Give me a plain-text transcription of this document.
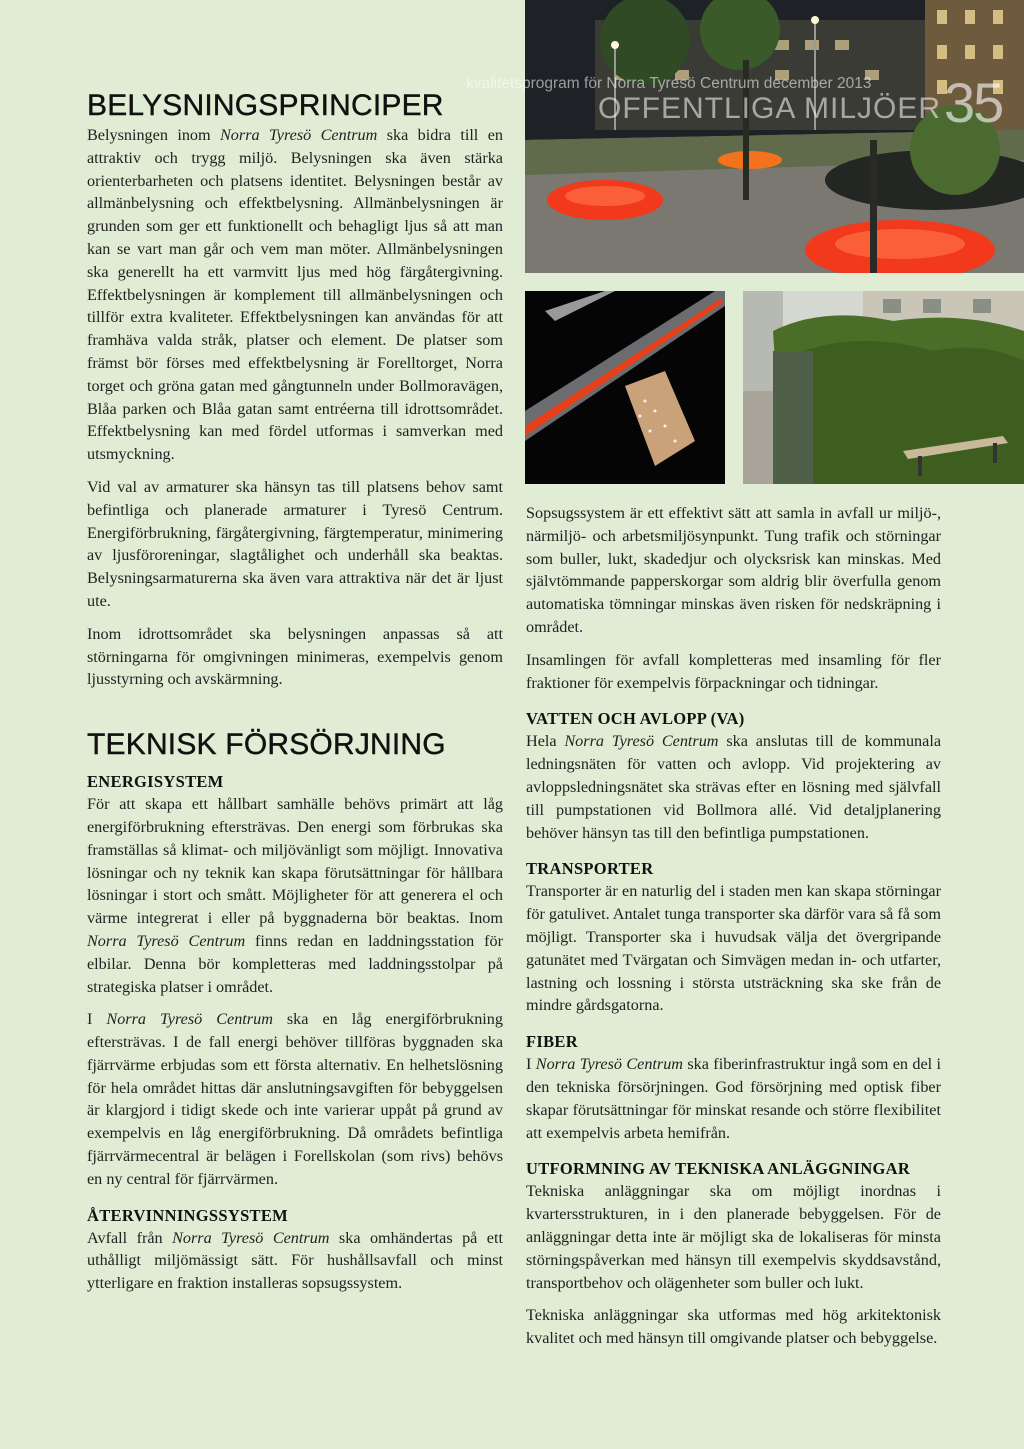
kvalitetsprogram för Norra Tyresö Centrum december 2013
OFFENTLIGA MILJÖER 35
BELYSNINGSPRINCIPER

Belysningen inom Norra Tyresö Centrum ska bidra till en attraktiv och trygg miljö. Belysningen ska även stärka orienterbarheten och platsens identitet. Belysningen består av allmänbelysning och effektbelysning. Allmänbelysningen är grunden som ger ett funktionellt och behagligt ljus så att man kan se vart man går och vem man möter. Allmänbelysningen ska generellt ha ett varmvitt ljus med hög färgåtergivning. Effektbelysningen är komplement till allmänbelysningen och tillför extra kvaliteter. Effektbelysningen kan användas för att framhäva valda stråk, platser och element. De platser som främst bör förses med effektbelysning är Forelltorget, Norra torget och gröna gatan med gångtunneln under Bollmoravägen, Blåa parken och Blåa gatan samt entréerna till idrottsområdet. Effektbelysning kan med fördel utformas i samverkan med utsmyckning.

Vid val av armaturer ska hänsyn tas till platsens behov samt befintliga och planerade armaturer i Tyresö Centrum. Energiförbrukning, färgåtergivning, färgtemperatur, minimering av ljusföroreningar, slagtålighet och underhåll ska beaktas. Belysningsarmaturerna ska även vara attraktiva när det är ljust ute.

Inom idrottsområdet ska belysningen anpassas så att störningarna för omgivningen minimeras, exempelvis genom ljusstyrning och avskärmning.

TEKNISK FÖRSÖRJNING
ENERGISYSTEM

För att skapa ett hållbart samhälle behövs primärt att låg energiförbrukning eftersträvas. Den energi som förbrukas ska framställas så klimat- och miljövänligt som möjligt. Innovativa lösningar och ny teknik kan skapa förutsättningar för hållbara lösningar i stort och smått. Möjligheter för att generera el och värme integrerat i eller på byggnaderna bör beaktas. Inom Norra Tyresö Centrum finns redan en laddningsstation för elbilar. Denna bör kompletteras med laddningsstolpar på strategiska platser i området.

I Norra Tyresö Centrum ska en låg energiförbrukning eftersträvas. I de fall energi behöver tillföras byggnaden ska fjärrvärme erbjudas som ett första alternativ. En helhetslösning för hela området hittas där anslutningsavgiften för bebyggelsen är klargjord i tidigt skede och inte varierar uppåt på grund av exempelvis en låg energiförbrukning. Då områdets befintliga fjärrvärmecentral är belägen i Forellskolan (som rivs) behövs en ny central för fjärrvärmen.

ÅTERVINNINGSSYSTEM

Avfall från Norra Tyresö Centrum ska omhändertas på ett uthålligt miljömässigt sätt. För hushållsavfall och minst ytterligare en fraktion installeras sopsugssystem.

Sopsugssystem är ett effektivt sätt att samla in avfall ur miljö-, närmiljö- och arbetsmiljösynpunkt. Tung trafik och störningar som buller, lukt, skadedjur och olycksrisk kan minskas. Med självtömmande papperskorgar som aldrig blir överfulla genom automatiska tömningar minskas även risken för nedskräpning i området.

Insamlingen för avfall kompletteras med insamling för fler fraktioner för exempelvis förpackningar och tidningar.

VATTEN OCH AVLOPP (VA)

Hela Norra Tyresö Centrum ska anslutas till de kommunala ledningsnäten för vatten och avlopp. Vid projektering av avloppsledningsnätet ska strävas efter en lösning med självfall till pumpstationen vid Bollmora allé. Vid detaljplanering behöver hänsyn tas till den befintliga pumpstationen.

TRANSPORTER

Transporter är en naturlig del i staden men kan skapa störningar för gatulivet. Antalet tunga transporter ska därför vara så få som möjligt. Transporter ska i huvudsak välja det övergripande gatunätet med Tvärgatan och Simvägen medan in- och utfarter, lastning och lossning i största utsträckning ska ske från de mindre gårdsgatorna.

FIBER

I Norra Tyresö Centrum ska fiberinfrastruktur ingå som en del i den tekniska försörjningen. God försörjning med optisk fiber skapar förutsättningar för minskat resande och större flexibilitet att exempelvis arbeta hemifrån.

UTFORMNING AV TEKNISKA ANLÄGGNINGAR

Tekniska anläggningar ska om möjligt inordnas i kvartersstrukturen, in i den planerade bebyggelsen. För de anläggningar detta inte är möjligt ska de lokaliseras för minsta störningspåverkan med hänsyn till exempelvis skyddsavstånd, transportbehov och olägenheter som buller och lukt.

Tekniska anläggningar ska utformas med hög arkitektonisk kvalitet och med hänsyn till omgivande platser och bebyggelse.
